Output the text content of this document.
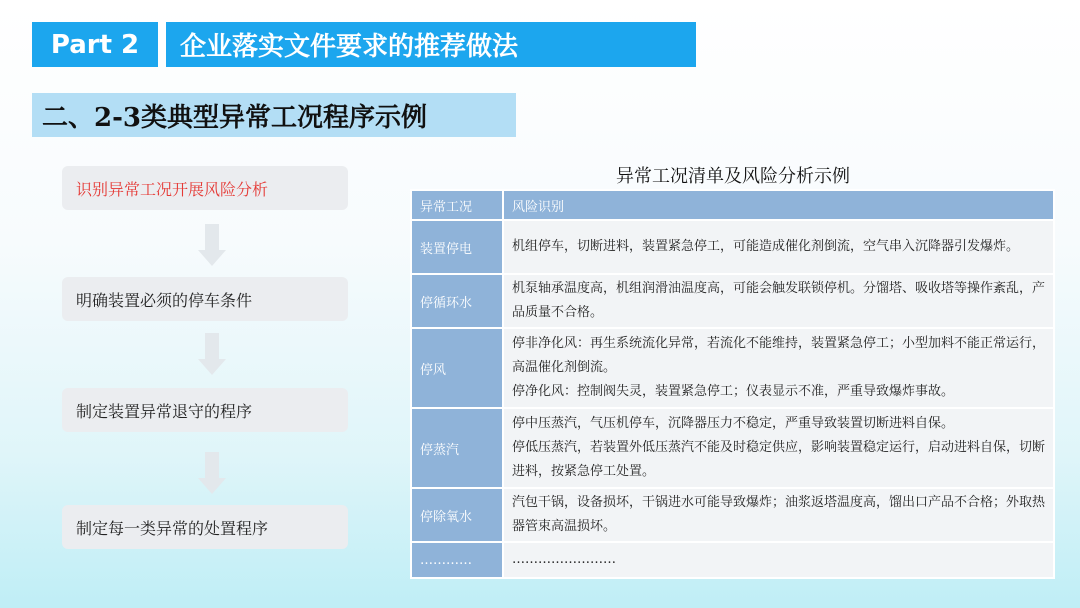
Part 2	企业落实文件要求的推荐做法
二、2-3类典型异常工况程序示例
识别异常工况开展风险分析
明确装置必须的停车条件
制定装置异常退守的程序
制定每一类异常的处置程序
异常工况清单及风险分析示例
异常工况	风险识别
装置停电	机组停车，切断进料，装置紧急停工，可能造成催化剂倒流，空气串入沉降器引发爆炸。

停循环水	机泵轴承温度高，机组润滑油温度高，可能会触发联锁停机。分馏塔、吸收塔等操作紊乱，产品质量不合格。

停风	停非净化风：再生系统流化异常，若流化不能维持，装置紧急停工；小型加料不能正常运行，高温催化剂倒流。
停净化风：控制阀失灵，装置紧急停工；仪表显示不准，严重导致爆炸事故。

停蒸汽	停中压蒸汽，气压机停车，沉降器压力不稳定，严重导致装置切断进料自保。
停低压蒸汽，若装置外低压蒸汽不能及时稳定供应，影响装置稳定运行，启动进料自保，切断进料，按紧急停工处置。

停除氧水	汽包干锅，设备损坏，干锅进水可能导致爆炸；油浆返塔温度高，馏出口产品不合格；外取热器管束高温损坏。

…………	……………………
